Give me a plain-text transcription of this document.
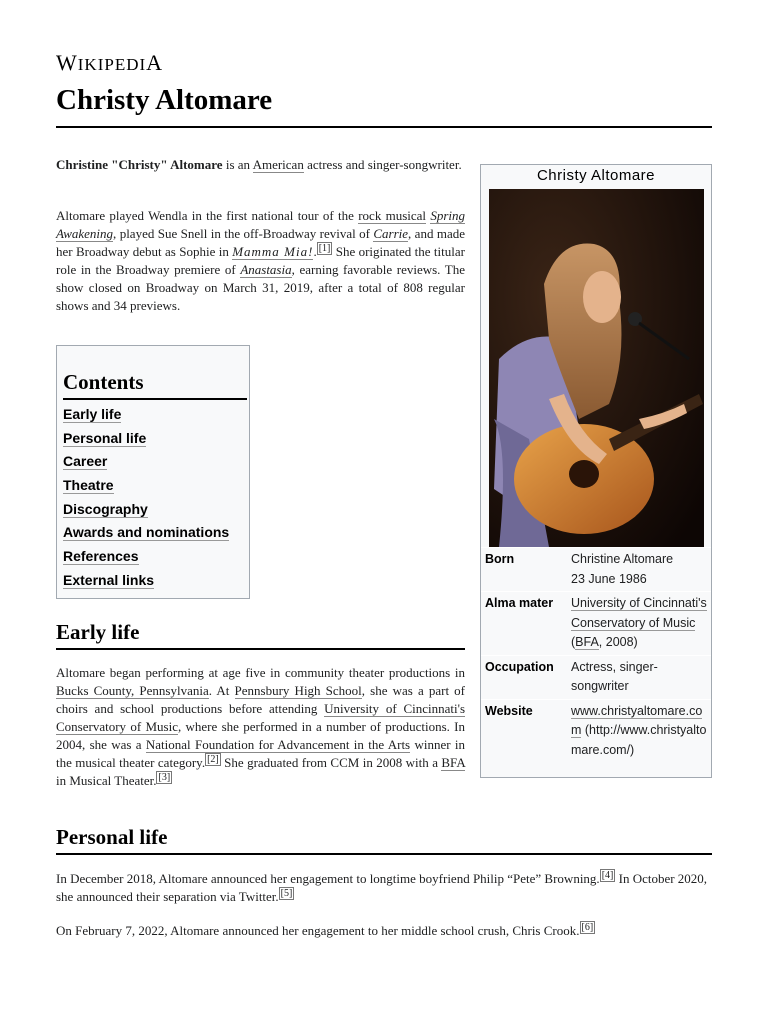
WIKIPEDIA
Christy Altomare

Christine "Christy" Altomare is an American actress and singer-songwriter.

Altomare played Wendla in the first national tour of the rock musical Spring Awakening, played Sue Snell in the off-Broadway revival of Carrie, and made her Broadway debut as Sophie in Mamma Mia!. [1] She originated the titular role in the Broadway premiere of Anastasia, earning favorable reviews. The show closed on Broadway on March 31, 2019, after a total of 808 regular shows and 34 previews.

Contents
Early life
Personal life
Career
Theatre
Discography
Awards and nominations
References
External links
Christy Altomare
Born	Christine Altomare
23 June 1986
Alma mater	University of Cincinnati's Conservatory of Music (BFA, 2008)
Occupation	Actress, singer-songwriter
Website	www.christyaltomare.com (http://www.christyaltomare.com/)
Early life

Altomare began performing at age five in community theater productions in Bucks County, Pennsylvania. At Pennsbury High School, she was a part of choirs and school productions before attending University of Cincinnati's Conservatory of Music, where she performed in a number of productions. In 2004, she was a National Foundation for Advancement in the Arts winner in the musical theater category. [2] She graduated from CCM in 2008 with a BFA in Musical Theater. [3]

Personal life

In December 2018, Altomare announced her engagement to longtime boyfriend Philip “Pete” Browning. [4] In October 2020, she announced their separation via Twitter. [5]

On February 7, 2022, Altomare announced her engagement to her middle school crush, Chris Crook. [6]
